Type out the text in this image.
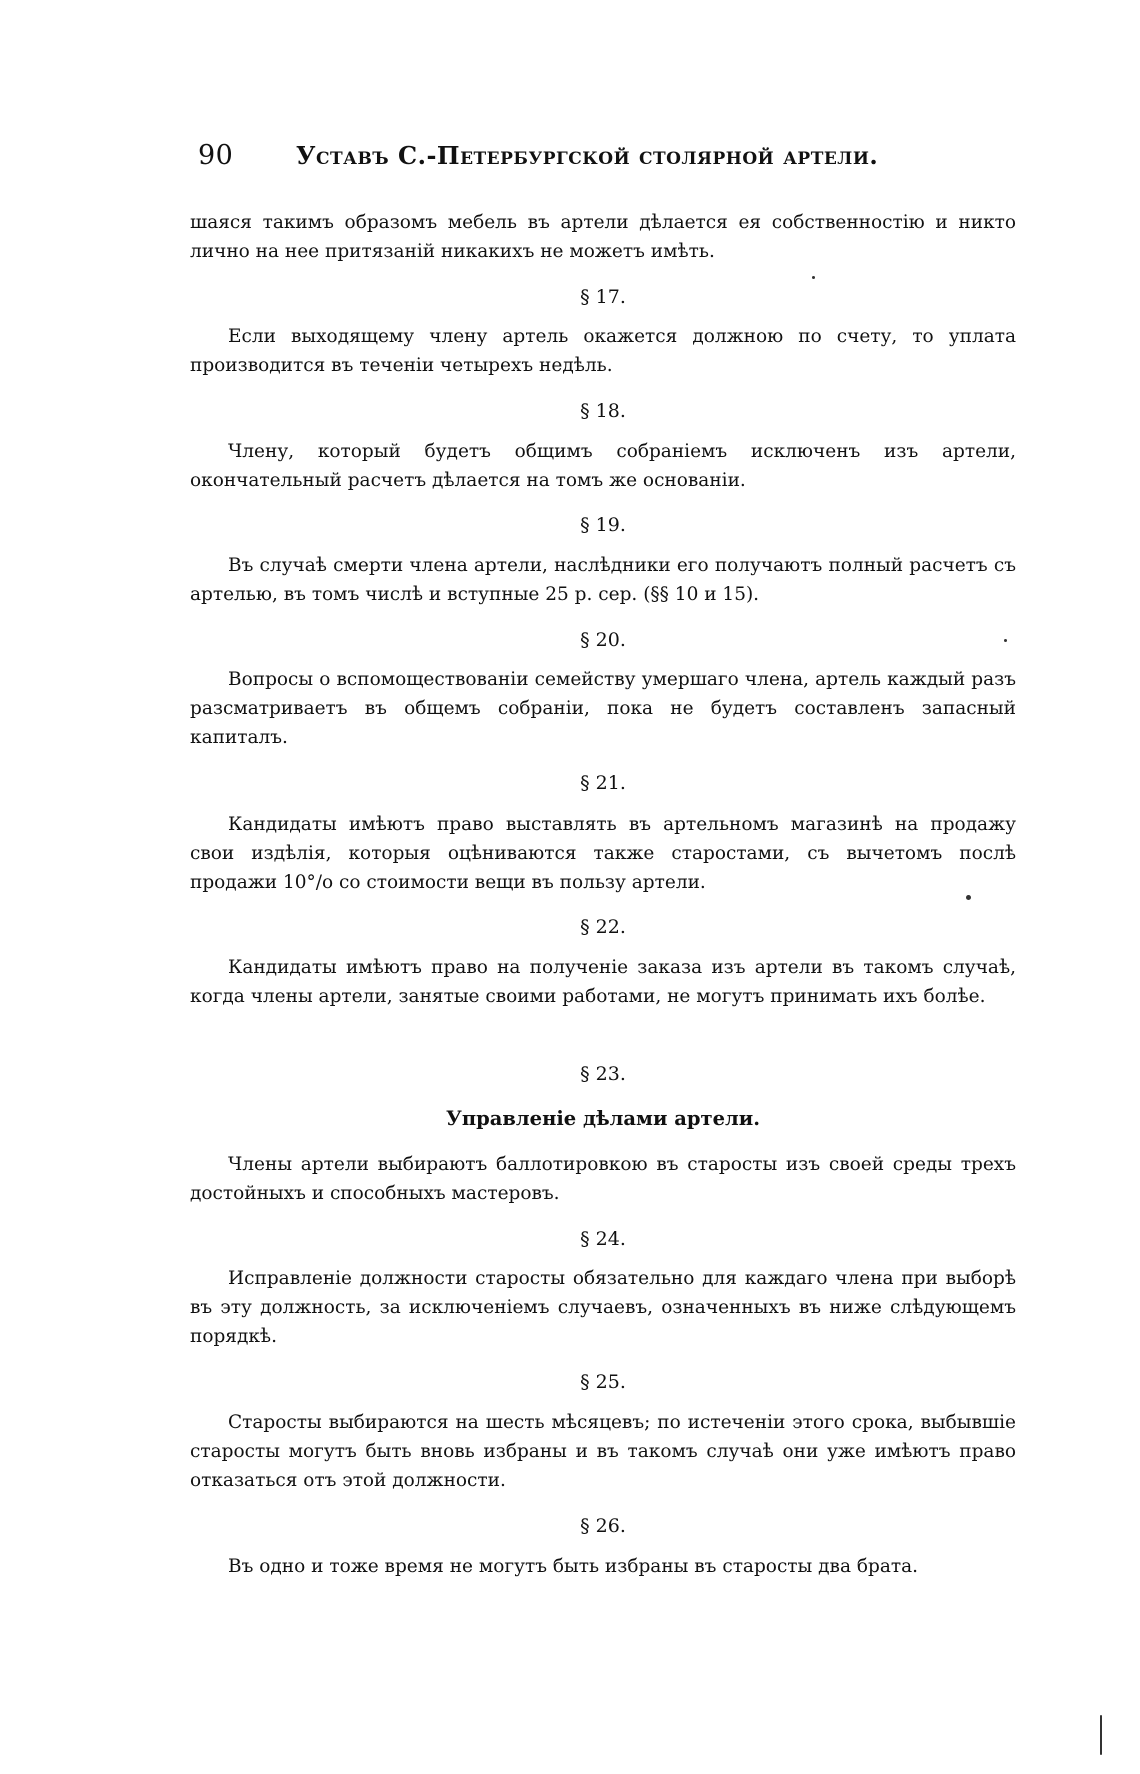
90	Уставъ С.-Петербургской столярной артели.

шаяся такимъ образомъ мебель въ артели дѣлается ея собственностію и никто лично на нее притязаній никакихъ не можетъ имѣть.

§ 17.

Если выходящему члену артель окажется должною по счету, то уплата производится въ теченіи четырехъ недѣль.

§ 18.

Члену, который будетъ общимъ собраніемъ исключенъ изъ артели, окончательный расчетъ дѣлается на томъ же основаніи.

§ 19.

Въ случаѣ смерти члена артели, наслѣдники его получаютъ полный расчетъ съ артелью, въ томъ числѣ и вступные 25 р. сер. (§§ 10 и 15).

§ 20.

Вопросы о вспомоществованіи семейству умершаго члена, артель каждый разъ разсматриваетъ въ общемъ собраніи, пока не будетъ составленъ запасный капиталъ.

§ 21.

Кандидаты имѣютъ право выставлять въ артельномъ магазинѣ на продажу свои издѣлія, которыя оцѣниваются также старостами, съ вычетомъ послѣ продажи 10°/о со стоимости вещи въ пользу артели.

§ 22.

Кандидаты имѣютъ право на полученіе заказа изъ артели въ такомъ случаѣ, когда члены артели, занятые своими работами, не могутъ принимать ихъ болѣе.

§ 23.
Управленіе дѣлами артели.

Члены артели выбираютъ баллотировкою въ старосты изъ своей среды трехъ достойныхъ и способныхъ мастеровъ.

§ 24.

Исправленіе должности старосты обязательно для каждаго члена при выборѣ въ эту должность, за исключеніемъ случаевъ, означенныхъ въ ниже слѣдующемъ порядкѣ.

§ 25.

Старосты выбираются на шесть мѣсяцевъ; по истеченіи этого срока, выбывшіе старосты могутъ быть вновь избраны и въ такомъ случаѣ они уже имѣютъ право отказаться отъ этой должности.

§ 26.

Въ одно и тоже время не могутъ быть избраны въ старосты два брата.
